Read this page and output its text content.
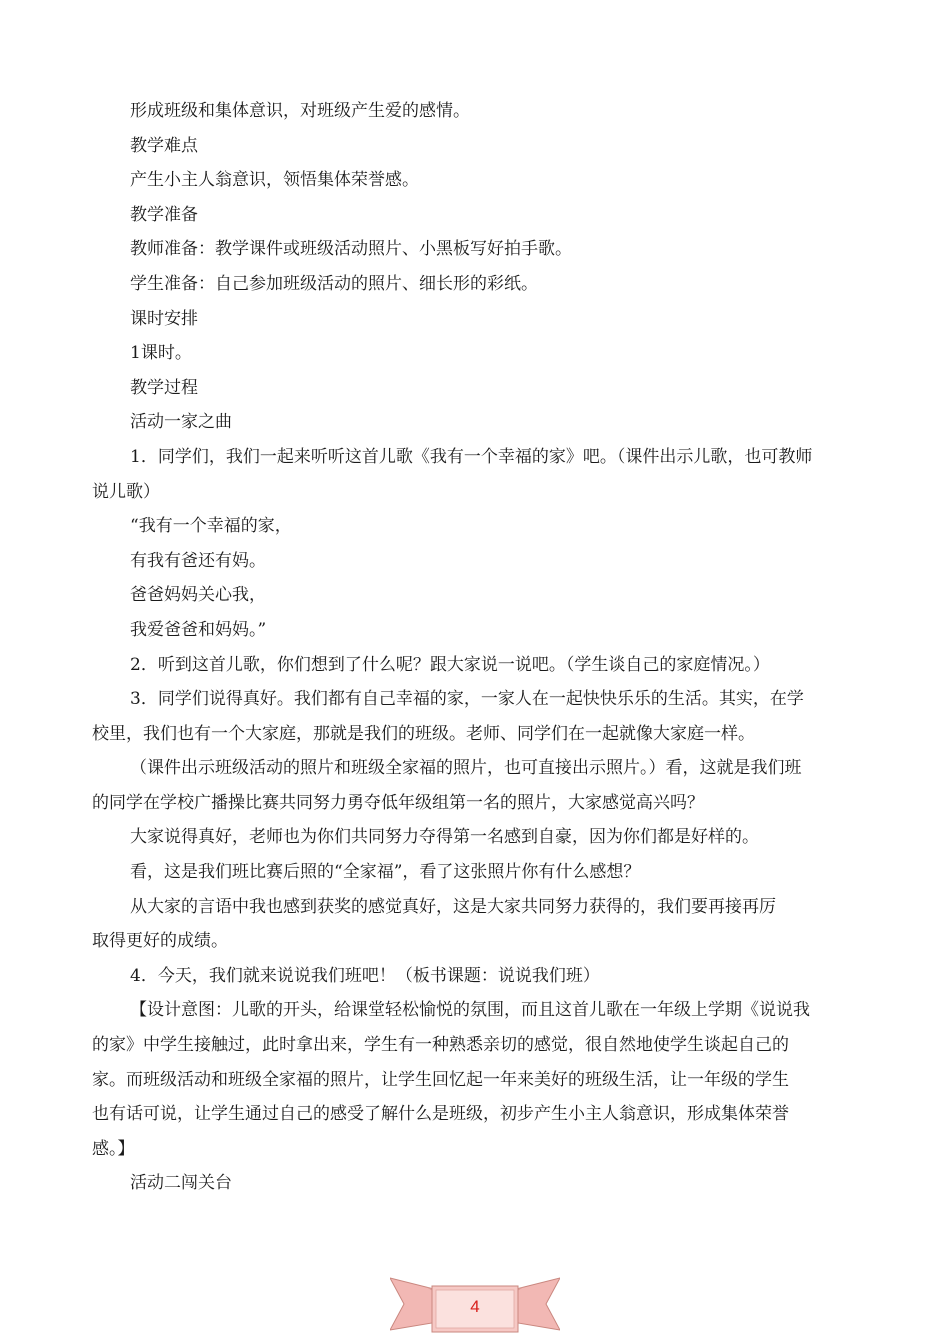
形成班级和集体意识，对班级产生爱的感情。

教学难点

产生小主人翁意识，领悟集体荣誉感。

教学准备

教师准备：教学课件或班级活动照片、小黑板写好拍手歌。

学生准备：自己参加班级活动的照片、细长形的彩纸。

课时安排

1课时。

教学过程

活动一家之曲

1．同学们，我们一起来听听这首儿歌《我有一个幸福的家》吧。（课件出示儿歌，也可教师

说儿歌）

“我有一个幸福的家，

有我有爸还有妈。

爸爸妈妈关心我，

我爱爸爸和妈妈。”

2．听到这首儿歌，你们想到了什么呢？跟大家说一说吧。（学生谈自己的家庭情况。）

3．同学们说得真好。我们都有自己幸福的家，一家人在一起快快乐乐的生活。其实，在学

校里，我们也有一个大家庭，那就是我们的班级。老师、同学们在一起就像大家庭一样。

（课件出示班级活动的照片和班级全家福的照片，也可直接出示照片。）看，这就是我们班

的同学在学校广播操比赛共同努力勇夺低年级组第一名的照片，大家感觉高兴吗？

大家说得真好，老师也为你们共同努力夺得第一名感到自豪，因为你们都是好样的。

看，这是我们班比赛后照的“全家福”，看了这张照片你有什么感想？

从大家的言语中我也感到获奖的感觉真好，这是大家共同努力获得的，我们要再接再厉

取得更好的成绩。

4．今天，我们就来说说我们班吧！（板书课题：说说我们班）

【设计意图：儿歌的开头，给课堂轻松愉悦的氛围，而且这首儿歌在一年级上学期《说说我

的家》中学生接触过，此时拿出来，学生有一种熟悉亲切的感觉，很自然地使学生谈起自己的

家。而班级活动和班级全家福的照片，让学生回忆起一年来美好的班级生活，让一年级的学生

也有话可说，让学生通过自己的感受了解什么是班级，初步产生小主人翁意识，形成集体荣誉

感。】

活动二闯关台

4
